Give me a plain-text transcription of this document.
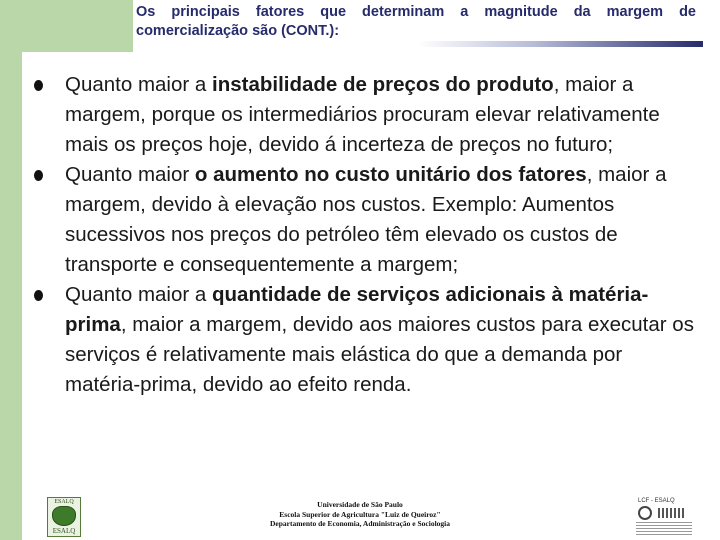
Os principais fatores que determinam a magnitude da margem de comercialização são (CONT.):
Quanto maior a instabilidade de preços do produto, maior a margem, porque os intermediários procuram elevar relativamente mais os preços hoje, devido á incerteza de preços no futuro;
Quanto maior o aumento no custo unitário dos fatores, maior a margem, devido à elevação nos custos. Exemplo: Aumentos sucessivos nos preços do petróleo têm elevado os custos de transporte e consequentemente a margem;
Quanto maior a quantidade de serviços adicionais à matéria-prima, maior a margem, devido aos maiores custos para executar os serviços é relativamente mais elástica do que a demanda por matéria-prima, devido ao efeito renda.
ESALQ
ESALQ
Universidade de São Paulo
Escola Superior de Agricultura "Luiz de Queiroz"
Departamento de Economia, Administração e Sociologia
LCF - ESALQ
